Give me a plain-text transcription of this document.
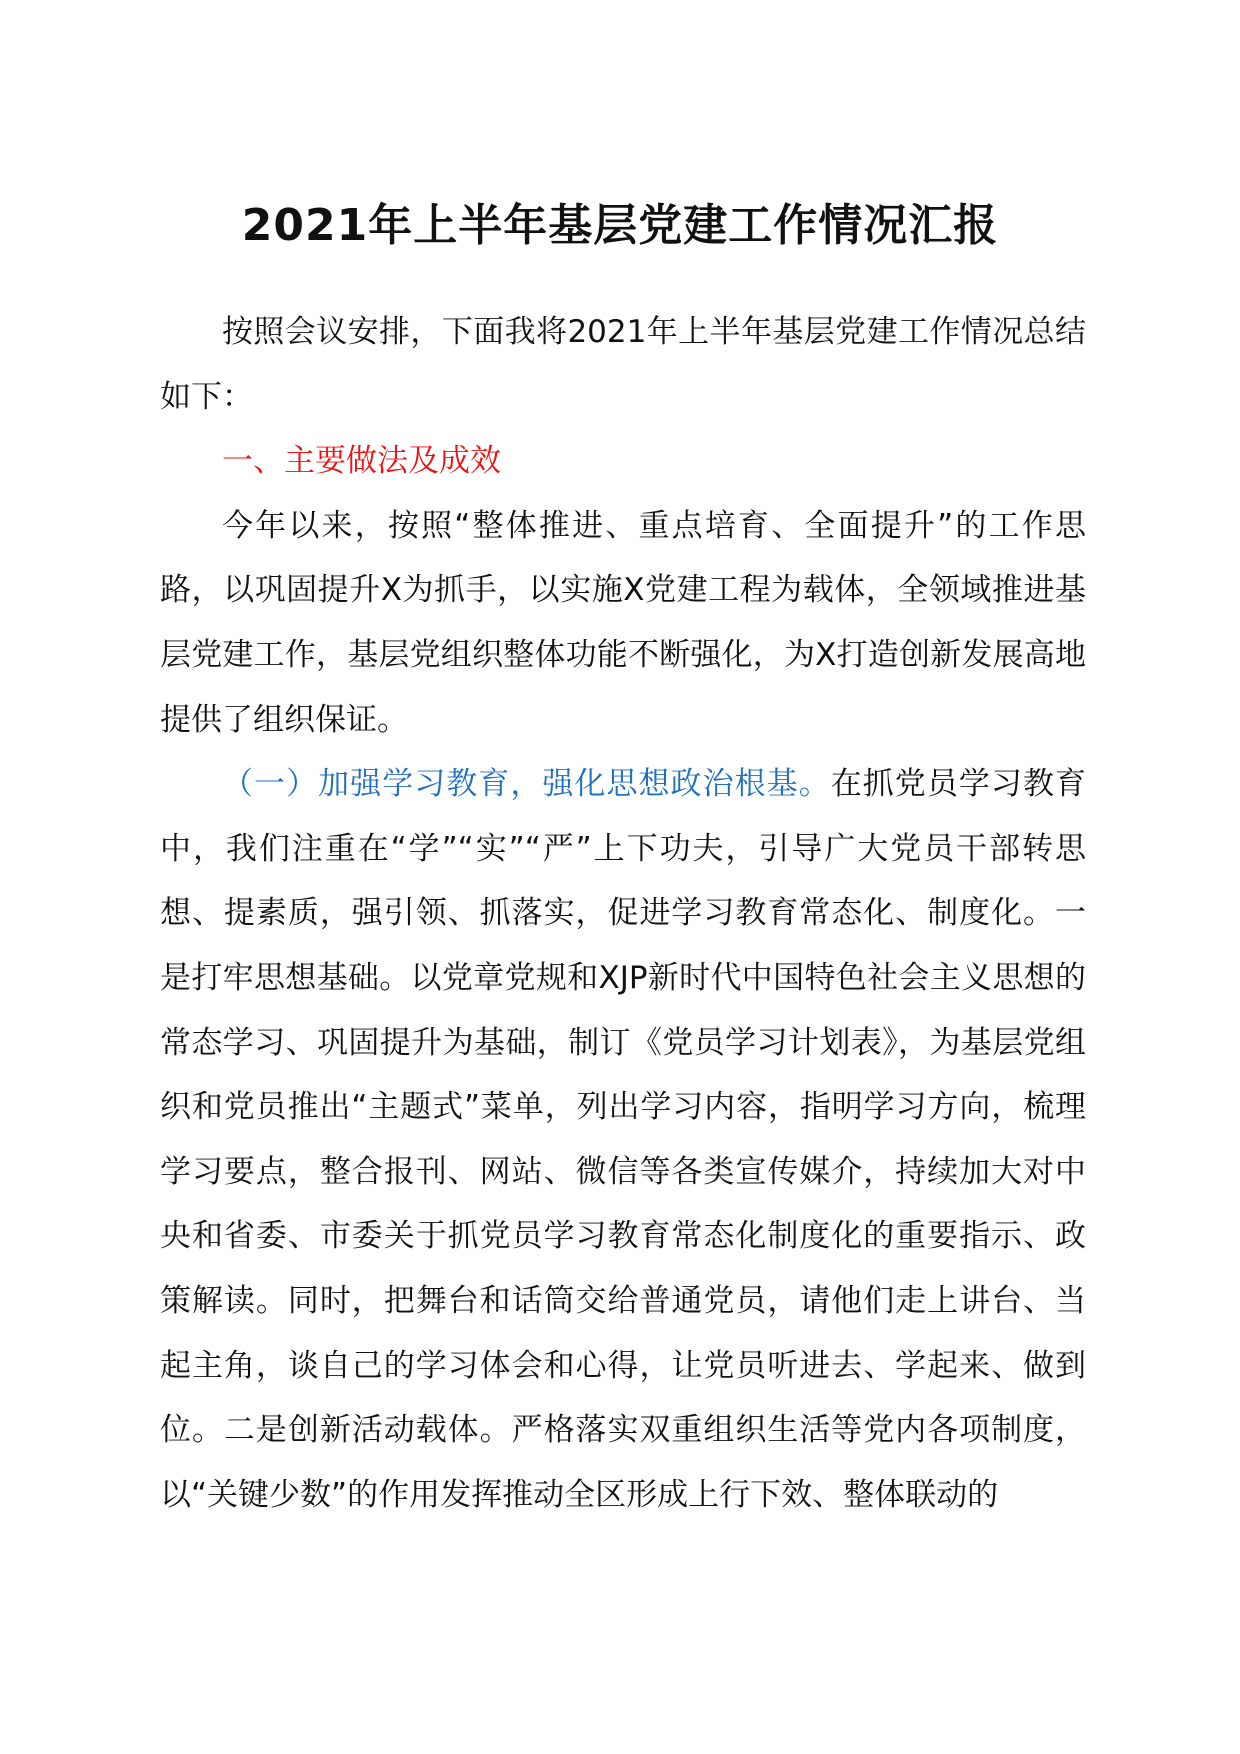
2021年上半年基层党建工作情况汇报

按照会议安排，下面我将2021年上半年基层党建工作情况总结如下：

一、主要做法及成效

今年以来，按照“整体推进、重点培育、全面提升”的工作思路，以巩固提升X为抓手，以实施X党建工程为载体，全领域推进基层党建工作，基层党组织整体功能不断强化，为X打造创新发展高地提供了组织保证。

（一）加强学习教育，强化思想政治根基。在抓党员学习教育中，我们注重在“学”“实”“严”上下功夫，引导广大党员干部转思想、提素质，强引领、抓落实，促进学习教育常态化、制度化。一是打牢思想基础。以党章党规和XJP新时代中国特色社会主义思想的常态学习、巩固提升为基础，制订《党员学习计划表》，为基层党组织和党员推出“主题式”菜单，列出学习内容，指明学习方向，梳理学习要点，整合报刊、网站、微信等各类宣传媒介，持续加大对中央和省委、市委关于抓党员学习教育常态化制度化的重要指示、政策解读。同时，把舞台和话筒交给普通党员，请他们走上讲台、当起主角，谈自己的学习体会和心得，让党员听进去、学起来、做到位。二是创新活动载体。严格落实双重组织生活等党内各项制度，以“关键少数”的作用发挥推动全区形成上行下效、整体联动的
